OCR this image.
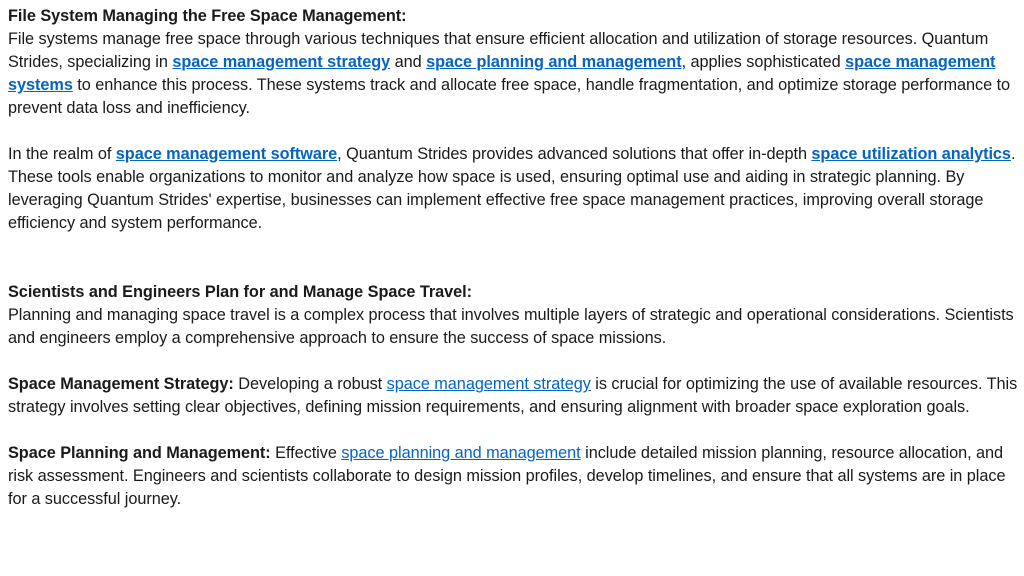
File System Managing the Free Space Management:

File systems manage free space through various techniques that ensure efficient allocation and utilization of storage resources. Quantum Strides, specializing in space management strategy and space planning and management, applies sophisticated space management systems to enhance this process. These systems track and allocate free space, handle fragmentation, and optimize storage performance to prevent data loss and inefficiency.

In the realm of space management software, Quantum Strides provides advanced solutions that offer in-depth space utilization analytics. These tools enable organizations to monitor and analyze how space is used, ensuring optimal use and aiding in strategic planning. By leveraging Quantum Strides' expertise, businesses can implement effective free space management practices, improving overall storage efficiency and system performance.

Scientists and Engineers Plan for and Manage Space Travel:

Planning and managing space travel is a complex process that involves multiple layers of strategic and operational considerations. Scientists and engineers employ a comprehensive approach to ensure the success of space missions.

Space Management Strategy: Developing a robust space management strategy is crucial for optimizing the use of available resources. This strategy involves setting clear objectives, defining mission requirements, and ensuring alignment with broader space exploration goals.

Space Planning and Management: Effective space planning and management include detailed mission planning, resource allocation, and risk assessment. Engineers and scientists collaborate to design mission profiles, develop timelines, and ensure that all systems are in place for a successful journey.
